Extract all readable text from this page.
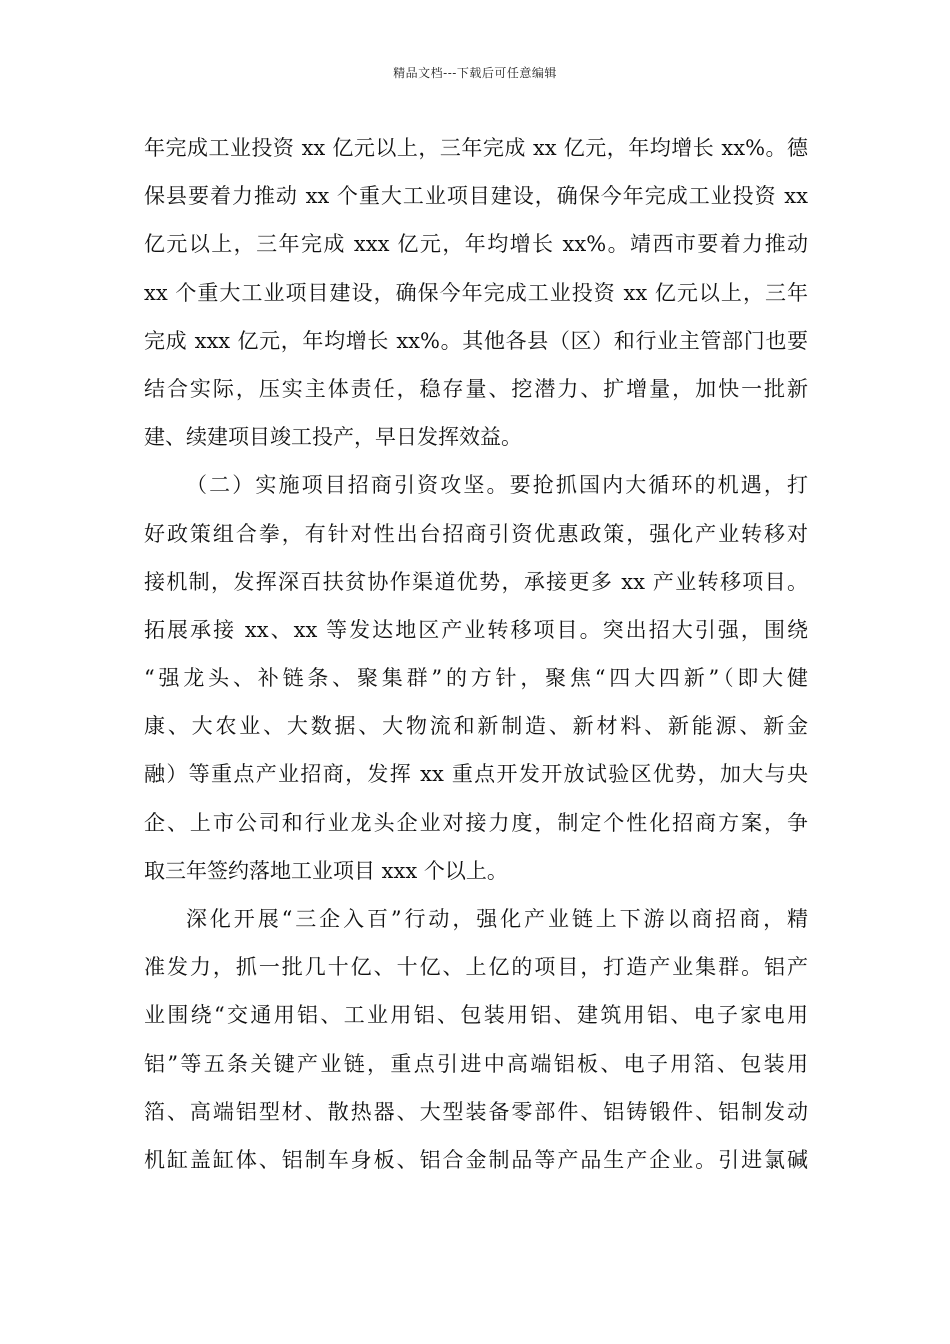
精品文档---下载后可任意编辑
年完成工业投资 xx 亿元以上，三年完成 xx 亿元，年均增长 xx%。德
保县要着力推动 xx 个重大工业项目建设，确保今年完成工业投资 xx
亿元以上，三年完成 xxx 亿元，年均增长 xx%。靖西市要着力推动
xx 个重大工业项目建设，确保今年完成工业投资 xx 亿元以上，三年
完成 xxx 亿元，年均增长 xx%。其他各县（区）和行业主管部门也要
结合实际，压实主体责任，稳存量、挖潜力、扩增量，加快一批新
建、续建项目竣工投产，早日发挥效益。
（二）实施项目招商引资攻坚。要抢抓国内大循环的机遇，打
好政策组合拳，有针对性出台招商引资优惠政策，强化产业转移对
接机制，发挥深百扶贫协作渠道优势，承接更多 xx 产业转移项目。
拓展承接 xx、xx 等发达地区产业转移项目。突出招大引强，围绕
“强龙头、补链条、聚集群”的方针，聚焦“四大四新”（即大健
康、大农业、大数据、大物流和新制造、新材料、新能源、新金
融）等重点产业招商，发挥 xx 重点开发开放试验区优势，加大与央
企、上市公司和行业龙头企业对接力度，制定个性化招商方案，争
取三年签约落地工业项目 xxx 个以上。
深化开展“三企入百”行动，强化产业链上下游以商招商，精
准发力，抓一批几十亿、十亿、上亿的项目，打造产业集群。铝产
业围绕“交通用铝、工业用铝、包装用铝、建筑用铝、电子家电用
铝”等五条关键产业链，重点引进中高端铝板、电子用箔、包装用
箔、高端铝型材、散热器、大型装备零部件、铝铸锻件、铝制发动
机缸盖缸体、铝制车身板、铝合金制品等产品生产企业。引进氯碱
